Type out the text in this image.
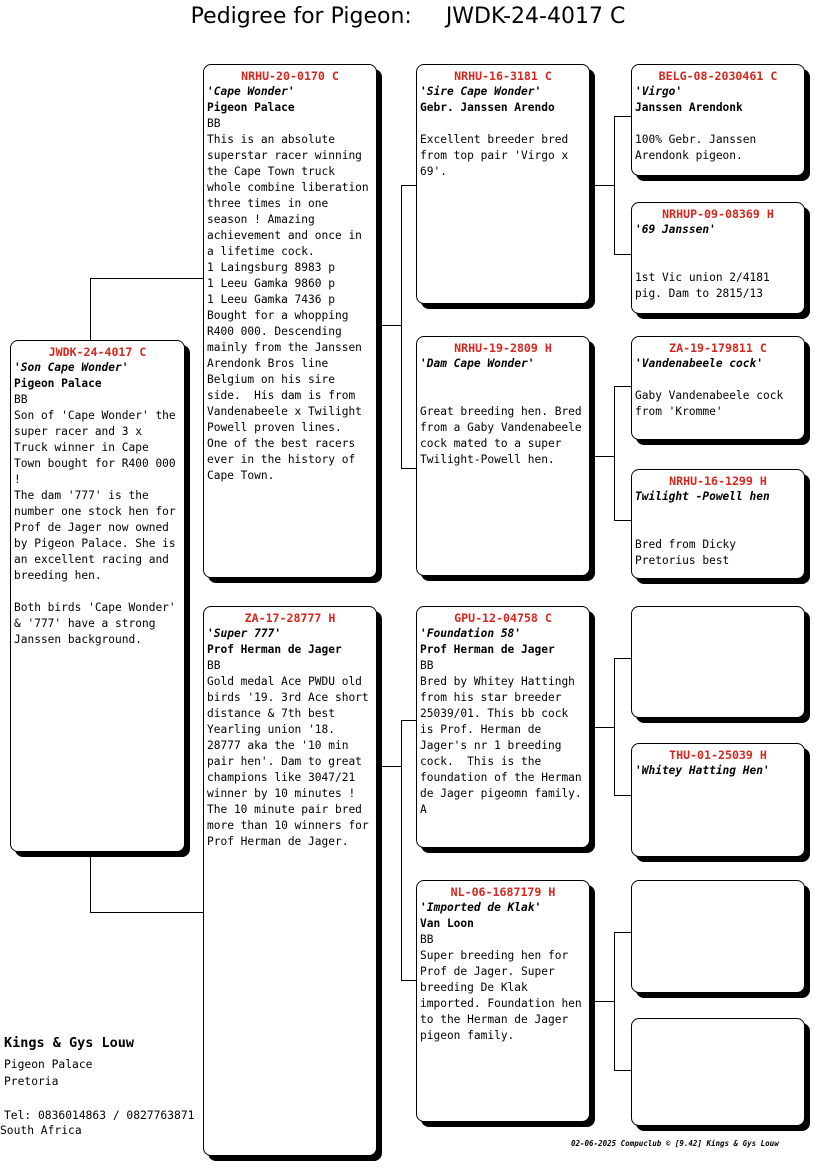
Pedigree for Pigeon: JWDK-24-4017 C
JWDK-24-4017 C
'Son Cape Wonder'
Pigeon Palace
BB
Son of 'Cape Wonder' the super racer and 3 x Truck winner in Cape Town bought for R400 000 !
The dam '777' is the number one stock hen for Prof de Jager now owned by Pigeon Palace. She is an excellent racing and breeding hen.

Both birds 'Cape Wonder' & '777' have a strong Janssen background.
NRHU-20-0170 C
'Cape Wonder'
Pigeon Palace
BB
This is an absolute superstar racer winning the Cape Town truck whole combine liberation three times in one season ! Amazing achievement and once in a lifetime cock.
1 Laingsburg 8983 p
1 Leeu Gamka 9860 p
1 Leeu Gamka 7436 p
Bought for a whopping R400 000. Descending mainly from the Janssen Arendonk Bros line Belgium on his sire side.  His dam is from Vandenabeele x Twilight Powell proven lines.  One of the best racers ever in the history of Cape Town.
ZA-17-28777 H
'Super 777'
Prof Herman de Jager
BB
Gold medal Ace PWDU old birds '19. 3rd Ace short distance & 7th best Yearling union '18. 28777 aka the '10 min pair hen'. Dam to great champions like 3047/21 winner by 10 minutes ! The 10 minute pair bred more than 10 winners for Prof Herman de Jager.
NRHU-16-3181 C
'Sire Cape Wonder'
Gebr. Janssen Arendo
Excellent breeder bred from top pair 'Virgo x 69'.
NRHU-19-2809 H
'Dam Cape Wonder'
Great breeding hen. Bred from a Gaby Vandenabeele cock mated to a super Twilight-Powell hen.
GPU-12-04758 C
'Foundation 58'
Prof Herman de Jager
BB
Bred by Whitey Hattingh from his star breeder 25039/01. This bb cock is Prof. Herman de Jager's nr 1 breeding cock.  This is the foundation of the Herman de Jager pigeomn family.  A
NL-06-1687179 H
'Imported de Klak'
Van Loon
BB
Super breeding hen for Prof de Jager. Super breeding De Klak imported. Foundation hen to the Herman de Jager pigeon family.
BELG-08-2030461 C
'Virgo'
Janssen Arendonk
100% Gebr. Janssen Arendonk pigeon.
NRHUP-09-08369 H
'69 Janssen'
1st Vic union 2/4181 pig. Dam to 2815/13
ZA-19-179811 C
'Vandenabeele cock'
Gaby Vandenabeele cock from 'Kromme'
NRHU-16-1299 H
Twilight -Powell hen
Bred from Dicky Pretorius best
THU-01-25039 H
'Whitey Hatting Hen'
Kings & Gys Louw
Pigeon Palace
Pretoria
Tel: 0836014863 / 0827763871
South Africa
02-06-2025 Compuclub © [9.42] Kings & Gys Louw
